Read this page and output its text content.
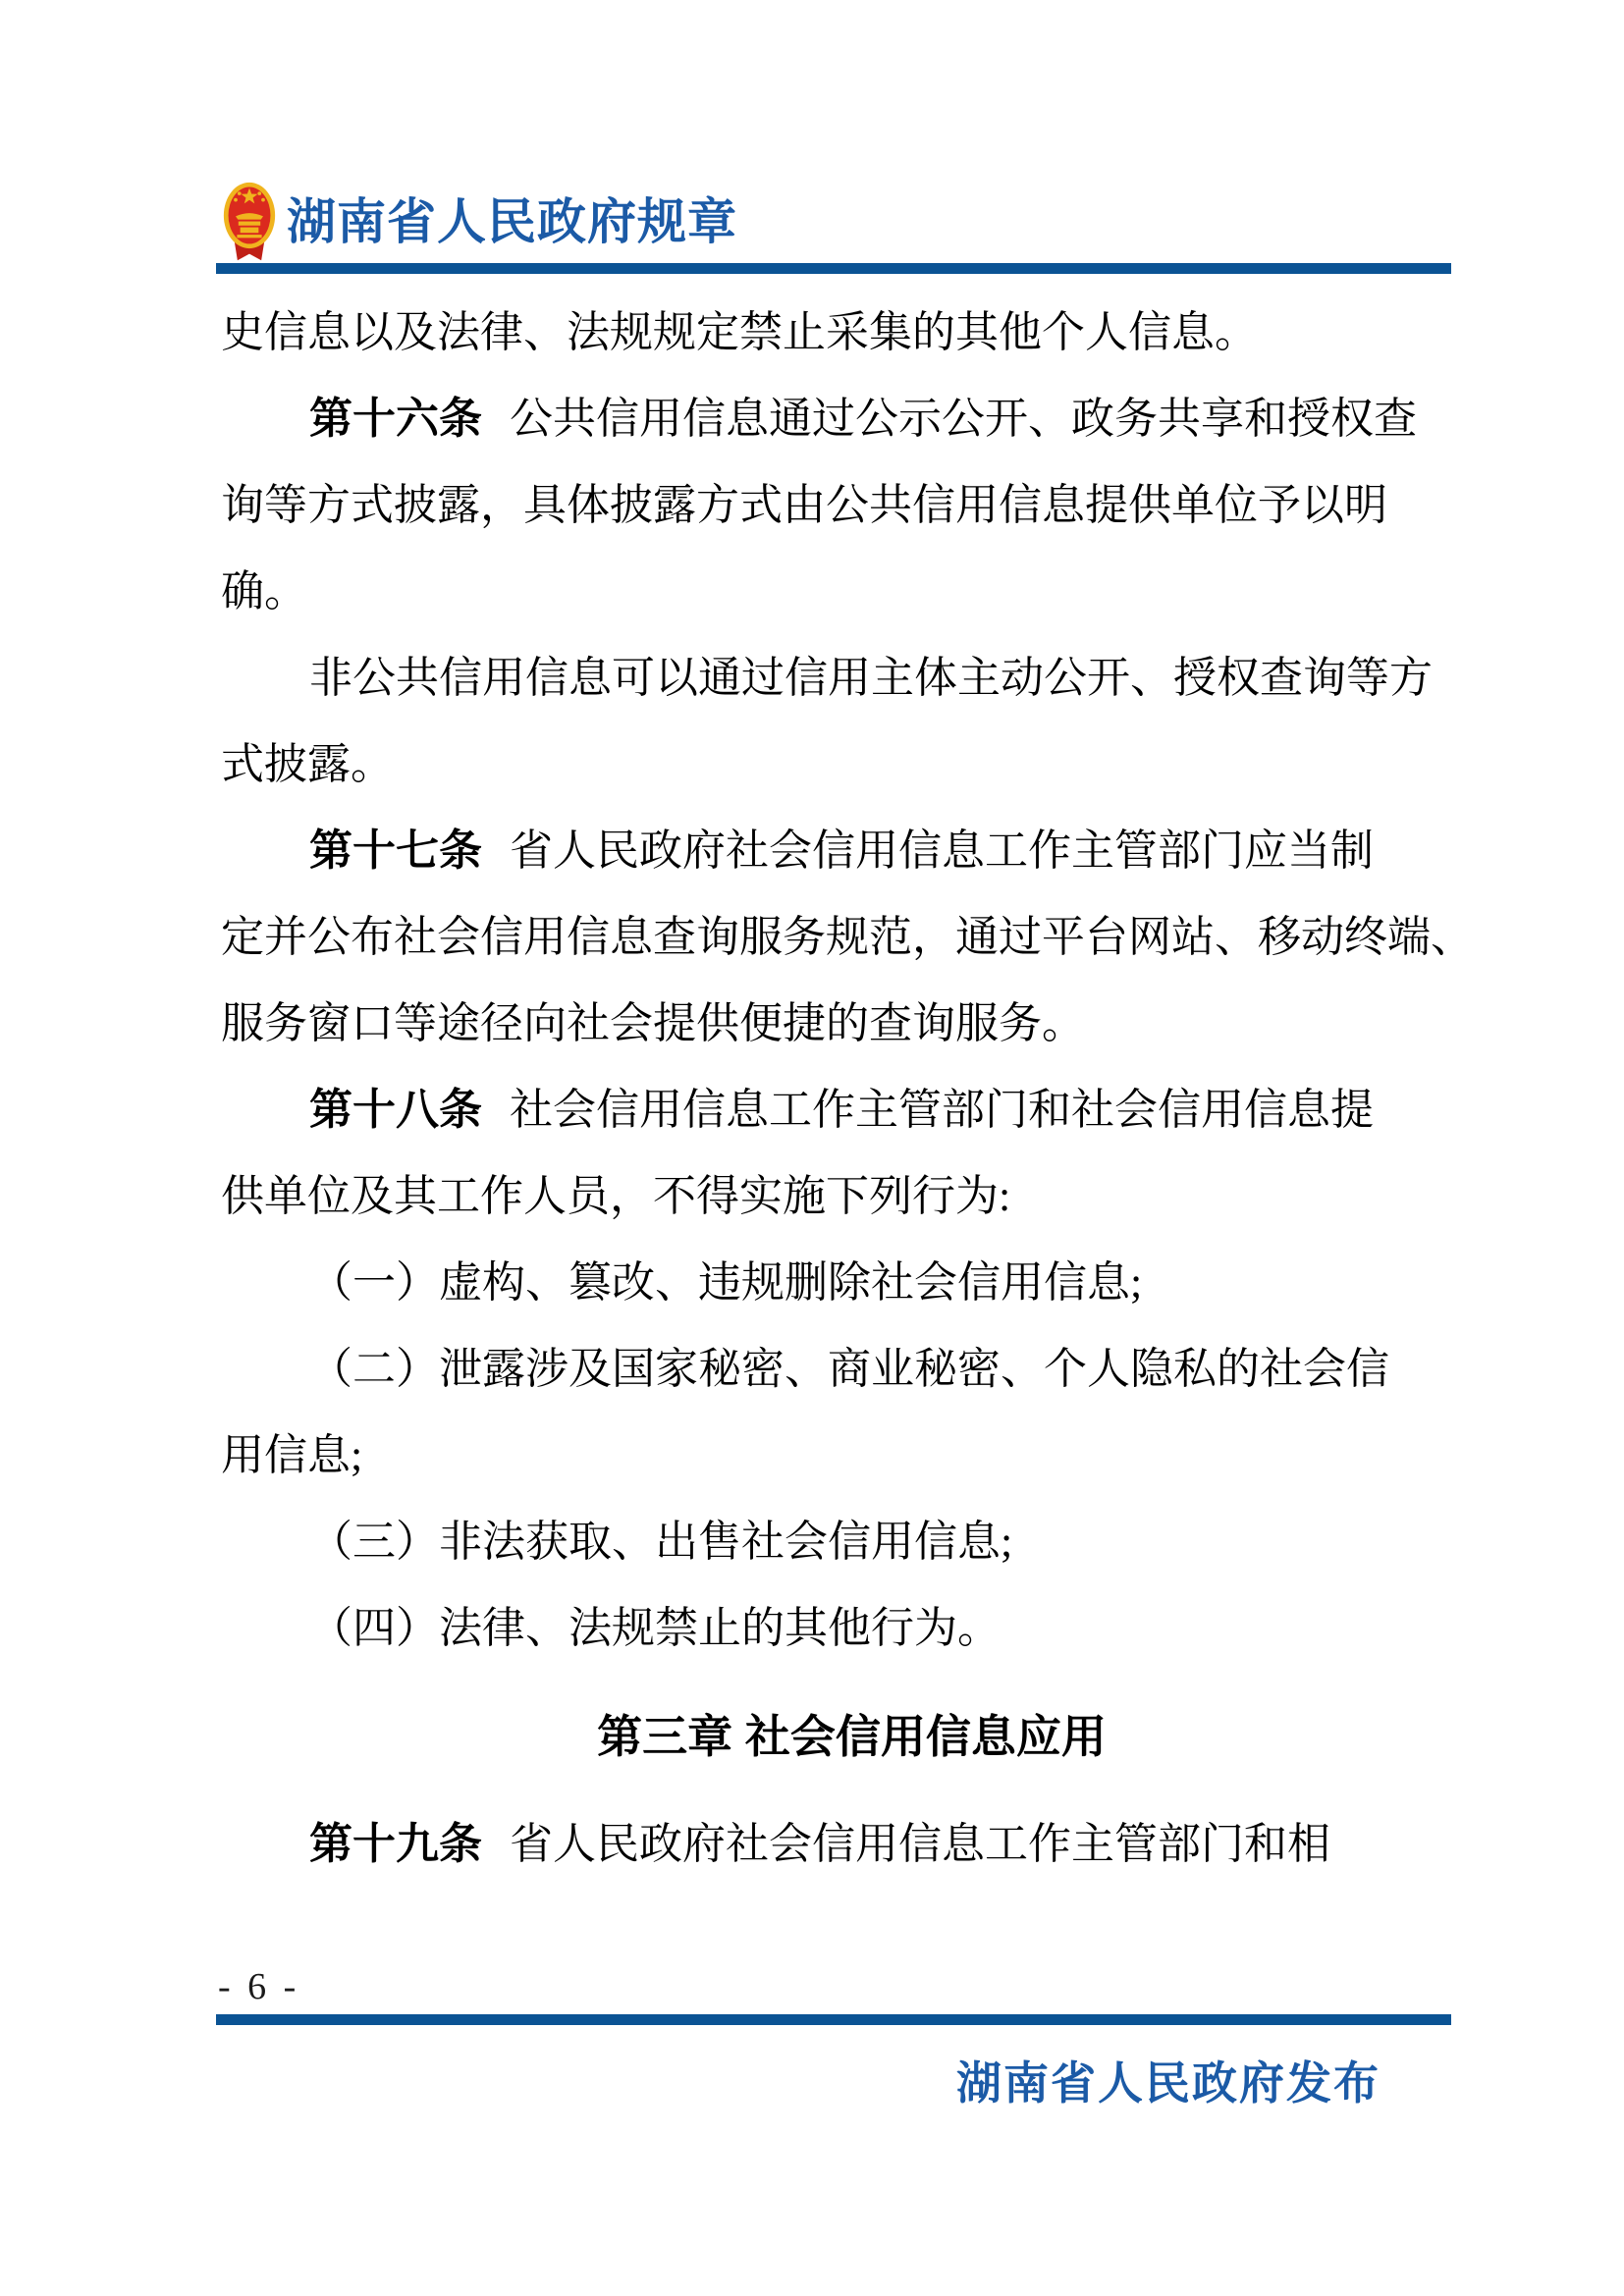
湖南省人民政府规章
史信息以及法律、法规规定禁止采集的其他个人信息。
第十六条 公共信用信息通过公示公开、政务共享和授权查
询等方式披露，具体披露方式由公共信用信息提供单位予以明
确。
非公共信用信息可以通过信用主体主动公开、授权查询等方
式披露。
第十七条 省人民政府社会信用信息工作主管部门应当制
定并公布社会信用信息查询服务规范，通过平台网站、移动终端、
服务窗口等途径向社会提供便捷的查询服务。
第十八条 社会信用信息工作主管部门和社会信用信息提
供单位及其工作人员，不得实施下列行为:
（一）虚构、篡改、违规删除社会信用信息;
（二）泄露涉及国家秘密、商业秘密、个人隐私的社会信
用信息;
（三）非法获取、出售社会信用信息;
（四）法律、法规禁止的其他行为。
第三章 社会信用信息应用
第十九条 省人民政府社会信用信息工作主管部门和相
- 6 -
湖南省人民政府发布
